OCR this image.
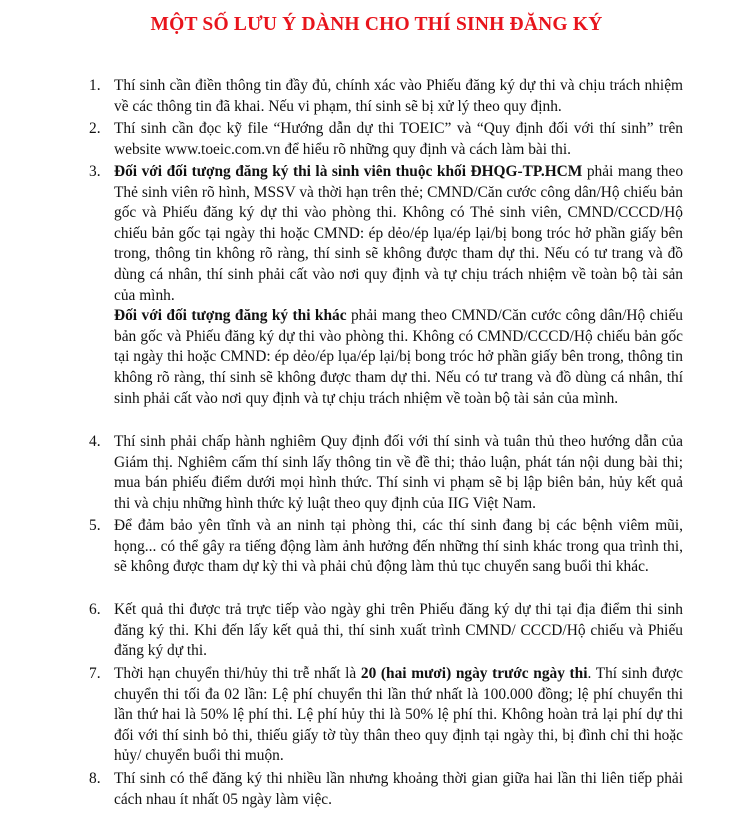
MỘT SỐ LƯU Ý DÀNH CHO THÍ SINH ĐĂNG KÝ
1. Thí sinh cần điền thông tin đầy đủ, chính xác vào Phiếu đăng ký dự thi và chịu trách nhiệm về các thông tin đã khai. Nếu vi phạm, thí sinh sẽ bị xử lý theo quy định.

2. Thí sinh cần đọc kỹ file “Hướng dẫn dự thi TOEIC” và “Quy định đối với thí sinh” trên website www.toeic.com.vn để hiểu rõ những quy định và cách làm bài thi.

3. Đối với đối tượng đăng ký thi là sinh viên thuộc khối ĐHQG-TP.HCM phải mang theo Thẻ sinh viên rõ hình, MSSV và thời hạn trên thẻ; CMND/Căn cước công dân/Hộ chiếu bản gốc và Phiếu đăng ký dự thi vào phòng thi. Không có Thẻ sinh viên, CMND/CCCD/Hộ chiếu bản gốc tại ngày thi hoặc CMND: ép dẻo/ép lụa/ép lại/bị bong tróc hở phần giấy bên trong, thông tin không rõ ràng, thí sinh sẽ không được tham dự thi. Nếu có tư trang và đồ dùng cá nhân, thí sinh phải cất vào nơi quy định và tự chịu trách nhiệm về toàn bộ tài sản của mình.

Đối với đối tượng đăng ký thi khác phải mang theo CMND/Căn cước công dân/Hộ chiếu bản gốc và Phiếu đăng ký dự thi vào phòng thi. Không có CMND/CCCD/Hộ chiếu bản gốc tại ngày thi hoặc CMND: ép dẻo/ép lụa/ép lại/bị bong tróc hở phần giấy bên trong, thông tin không rõ ràng, thí sinh sẽ không được tham dự thi. Nếu có tư trang và đồ dùng cá nhân, thí sinh phải cất vào nơi quy định và tự chịu trách nhiệm về toàn bộ tài sản của mình.

4. Thí sinh phải chấp hành nghiêm Quy định đối với thí sinh và tuân thủ theo hướng dẫn của Giám thị. Nghiêm cấm thí sinh lấy thông tin về đề thi; thảo luận, phát tán nội dung bài thi; mua bán phiếu điểm dưới mọi hình thức. Thí sinh vi phạm sẽ bị lập biên bản, hủy kết quả thi và chịu những hình thức kỷ luật theo quy định của IIG Việt Nam.

5. Để đảm bảo yên tĩnh và an ninh tại phòng thi, các thí sinh đang bị các bệnh viêm mũi, họng... có thể gây ra tiếng động làm ảnh hưởng đến những thí sinh khác trong qua trình thi, sẽ không được tham dự kỳ thi và phải chủ động làm thủ tục chuyển sang buổi thi khác.

6. Kết quả thi được trả trực tiếp vào ngày ghi trên Phiếu đăng ký dự thi tại địa điểm thi sinh đăng ký thi. Khi đến lấy kết quả thi, thí sinh xuất trình CMND/ CCCD/Hộ chiếu và Phiếu đăng ký dự thi.

7. Thời hạn chuyển thi/hủy thi trễ nhất là 20 (hai mươi) ngày trước ngày thi. Thí sinh được chuyển thi tối đa 02 lần: Lệ phí chuyển thi lần thứ nhất là 100.000 đồng; lệ phí chuyển thi lần thứ hai là 50% lệ phí thi. Lệ phí hủy thi là 50% lệ phí thi. Không hoàn trả lại phí dự thi đối với thí sinh bỏ thi, thiếu giấy tờ tùy thân theo quy định tại ngày thi, bị đình chỉ thi hoặc hủy/ chuyển buổi thi muộn.

8. Thí sinh có thể đăng ký thi nhiều lần nhưng khoảng thời gian giữa hai lần thi liên tiếp phải cách nhau ít nhất 05 ngày làm việc.
